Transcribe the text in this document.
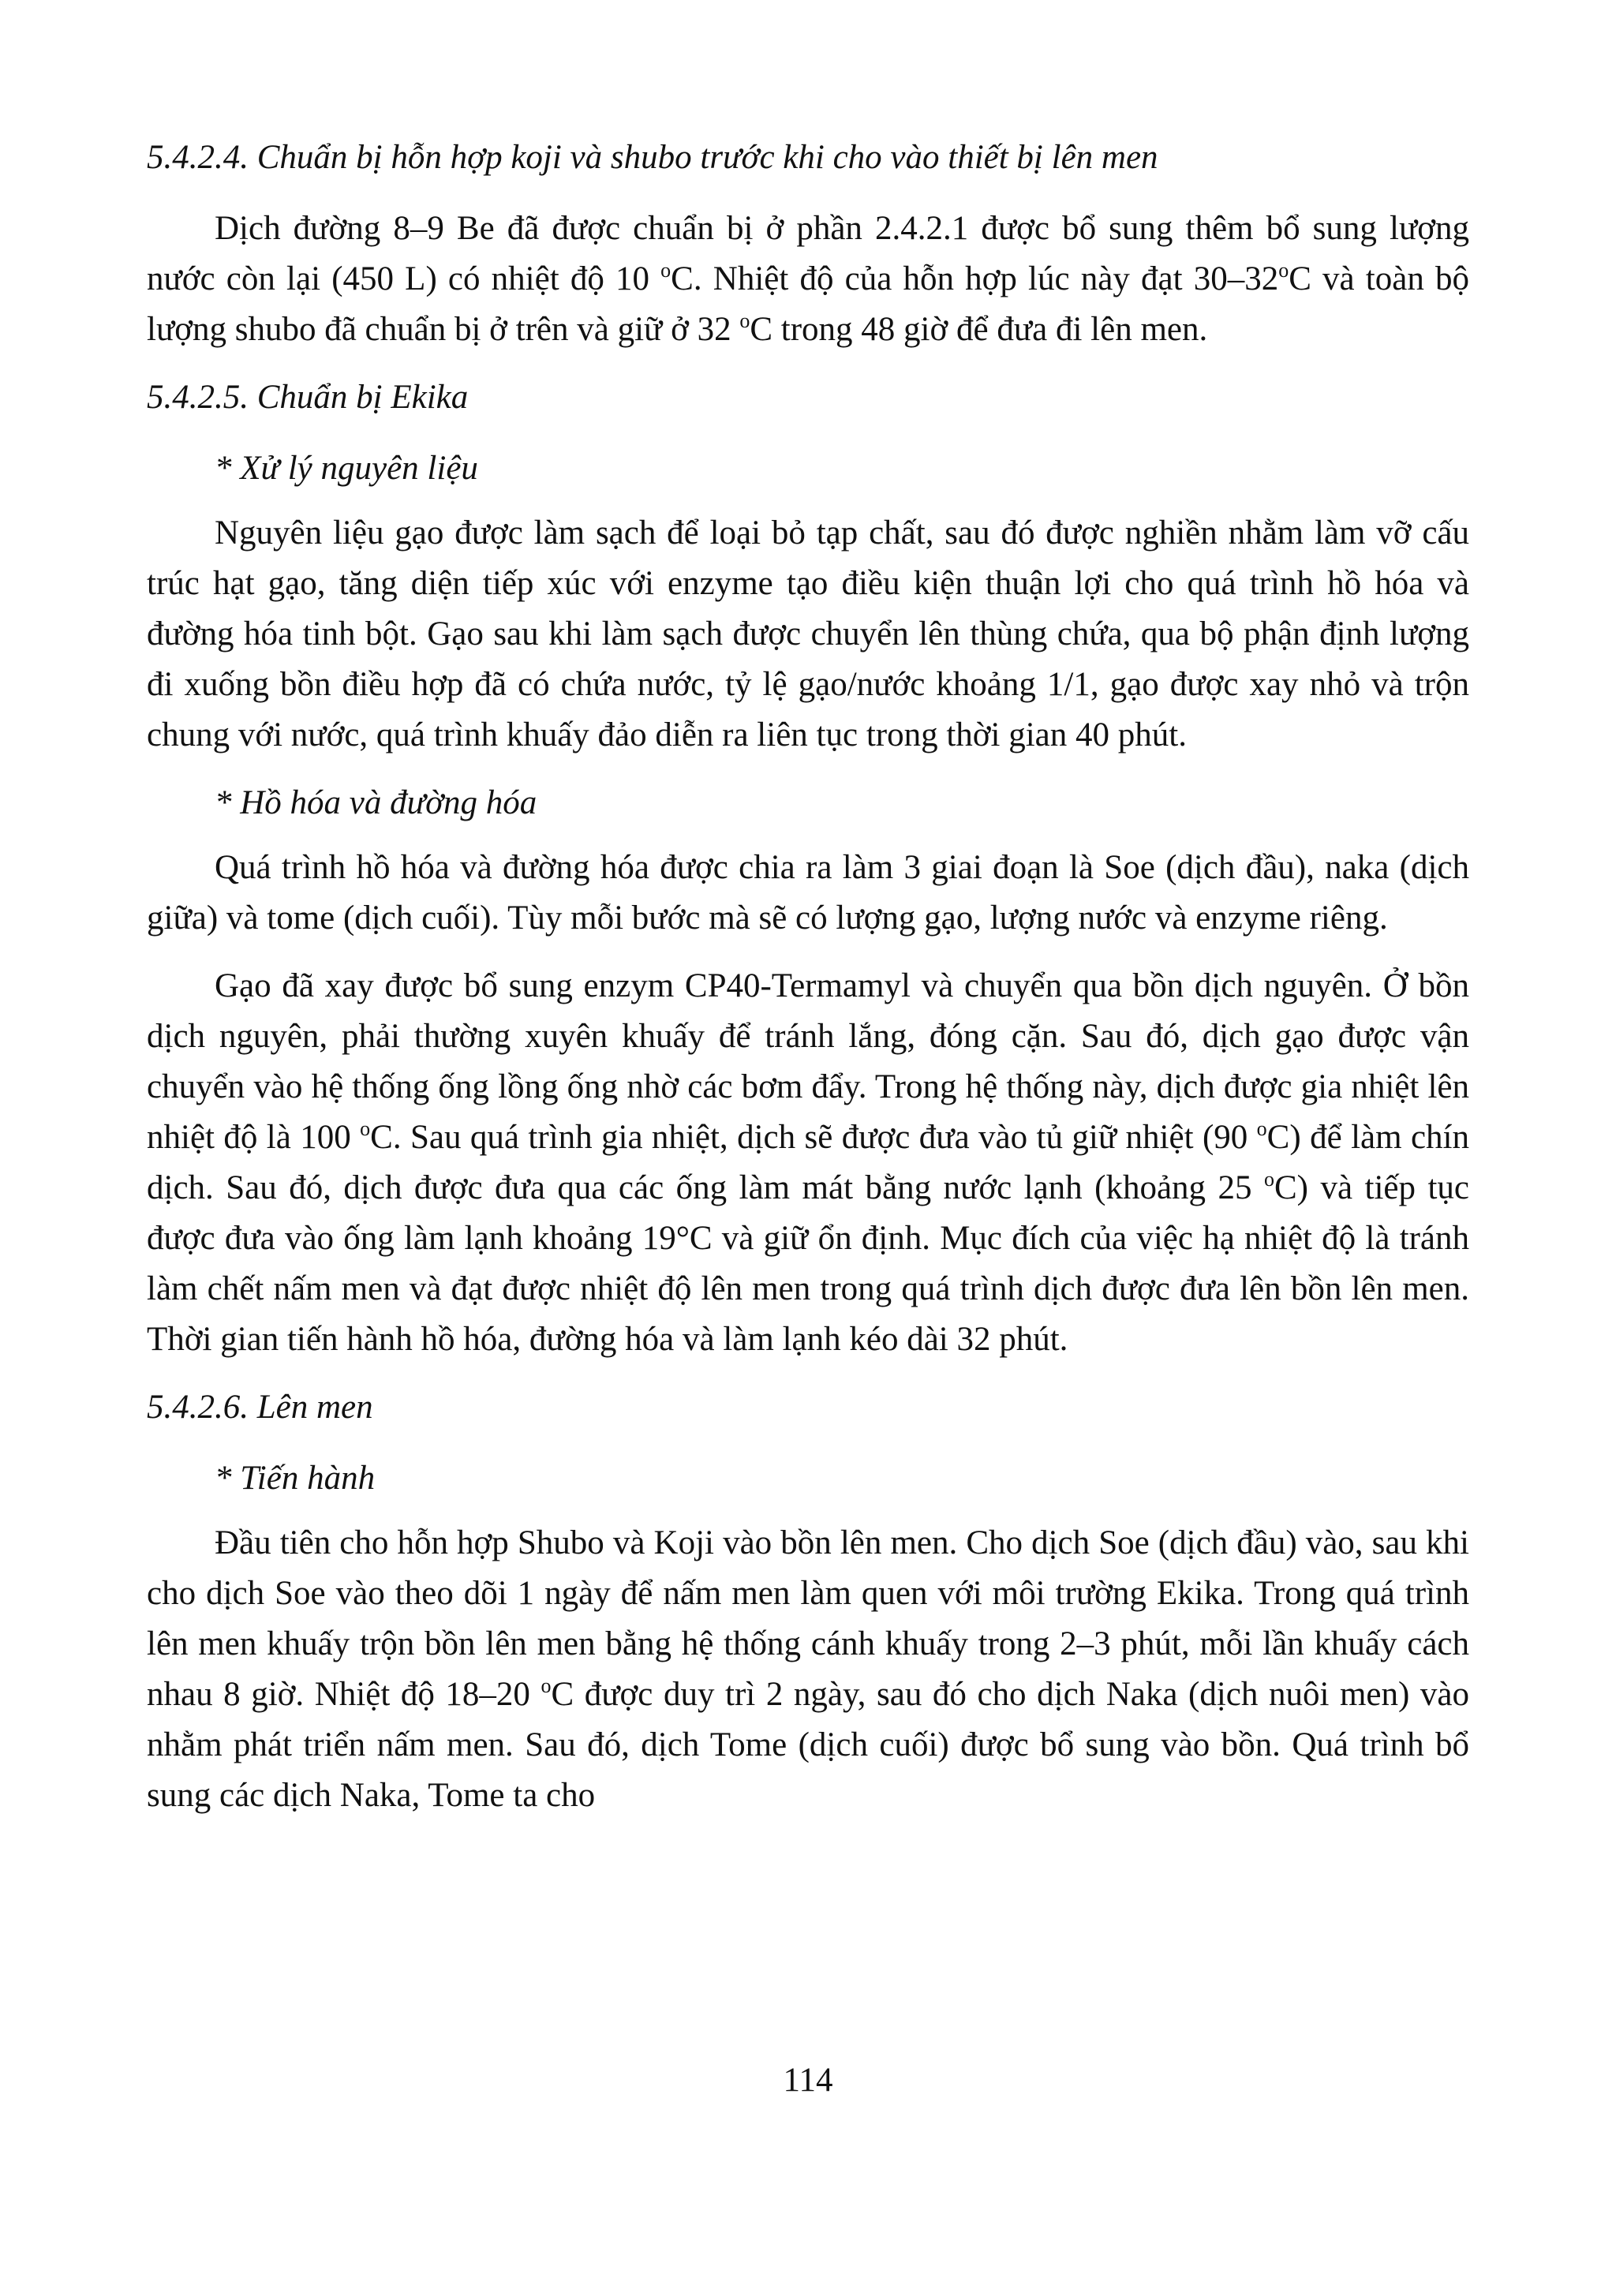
5.4.2.4. Chuẩn bị hỗn hợp koji và shubo trước khi cho vào thiết bị lên men

Dịch đường 8–9 Be đã được chuẩn bị ở phần 2.4.2.1 được bổ sung thêm bổ sung lượng nước còn lại (450 L) có nhiệt độ 10 $^o$C. Nhiệt độ của hỗn hợp lúc này đạt 30–32$^o$C và toàn bộ lượng shubo đã chuẩn bị ở trên và giữ ở 32 $^o$C trong 48 giờ để đưa đi lên men.

5.4.2.5. Chuẩn bị Ekika

* Xử lý nguyên liệu

Nguyên liệu gạo được làm sạch để loại bỏ tạp chất, sau đó được nghiền nhằm làm vỡ cấu trúc hạt gạo, tăng diện tiếp xúc với enzyme tạo điều kiện thuận lợi cho quá trình hồ hóa và đường hóa tinh bột. Gạo sau khi làm sạch được chuyển lên thùng chứa, qua bộ phận định lượng đi xuống bồn điều hợp đã có chứa nước, tỷ lệ gạo/nước khoảng 1/1, gạo được xay nhỏ và trộn chung với nước, quá trình khuấy đảo diễn ra liên tục trong thời gian 40 phút.

* Hồ hóa và đường hóa

Quá trình hồ hóa và đường hóa được chia ra làm 3 giai đoạn là Soe (dịch đầu), naka (dịch giữa) và tome (dịch cuối). Tùy mỗi bước mà sẽ có lượng gạo, lượng nước và enzyme riêng.

Gạo đã xay được bổ sung enzym CP40-Termamyl và chuyển qua bồn dịch nguyên. Ở bồn dịch nguyên, phải thường xuyên khuấy để tránh lắng, đóng cặn. Sau đó, dịch gạo được vận chuyển vào hệ thống ống lồng ống nhờ các bơm đẩy. Trong hệ thống này, dịch được gia nhiệt lên nhiệt độ là 100 $^o$C. Sau quá trình gia nhiệt, dịch sẽ được đưa vào tủ giữ nhiệt (90 $^o$C) để làm chín dịch. Sau đó, dịch được đưa qua các ống làm mát bằng nước lạnh (khoảng 25 $^o$C) và tiếp tục được đưa vào ống làm lạnh khoảng 19°C và giữ ổn định. Mục đích của việc hạ nhiệt độ là tránh làm chết nấm men và đạt được nhiệt độ lên men trong quá trình dịch được đưa lên bồn lên men. Thời gian tiến hành hồ hóa, đường hóa và làm lạnh kéo dài 32 phút.

5.4.2.6. Lên men

* Tiến hành

Đầu tiên cho hỗn hợp Shubo và Koji vào bồn lên men. Cho dịch Soe (dịch đầu) vào, sau khi cho dịch Soe vào theo dõi 1 ngày để nấm men làm quen với môi trường Ekika. Trong quá trình lên men khuấy trộn bồn lên men bằng hệ thống cánh khuấy trong 2–3 phút, mỗi lần khuấy cách nhau 8 giờ. Nhiệt độ 18–20 $^o$C được duy trì 2 ngày, sau đó cho dịch Naka (dịch nuôi men) vào nhằm phát triển nấm men. Sau đó, dịch Tome (dịch cuối) được bổ sung vào bồn. Quá trình bổ sung các dịch Naka, Tome ta cho

114
